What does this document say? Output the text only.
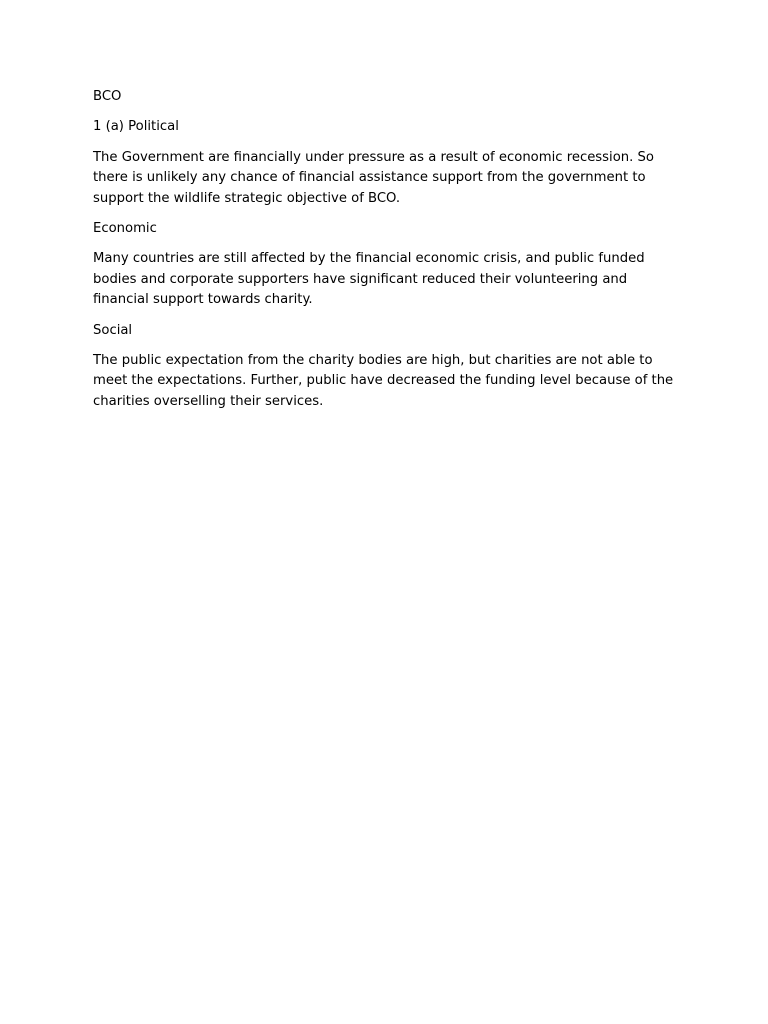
BCO

1 (a) Political

The Government are financially under pressure as a result of economic recession. So there is unlikely any chance of financial assistance support from the government to support the wildlife strategic objective of BCO.

Economic

Many countries are still affected by the financial economic crisis, and public funded bodies and corporate supporters have significant reduced their volunteering and financial support towards charity.

Social

The public expectation from the charity bodies are high, but charities are not able to meet the expectations. Further, public have decreased the funding level because of the charities overselling their services.
